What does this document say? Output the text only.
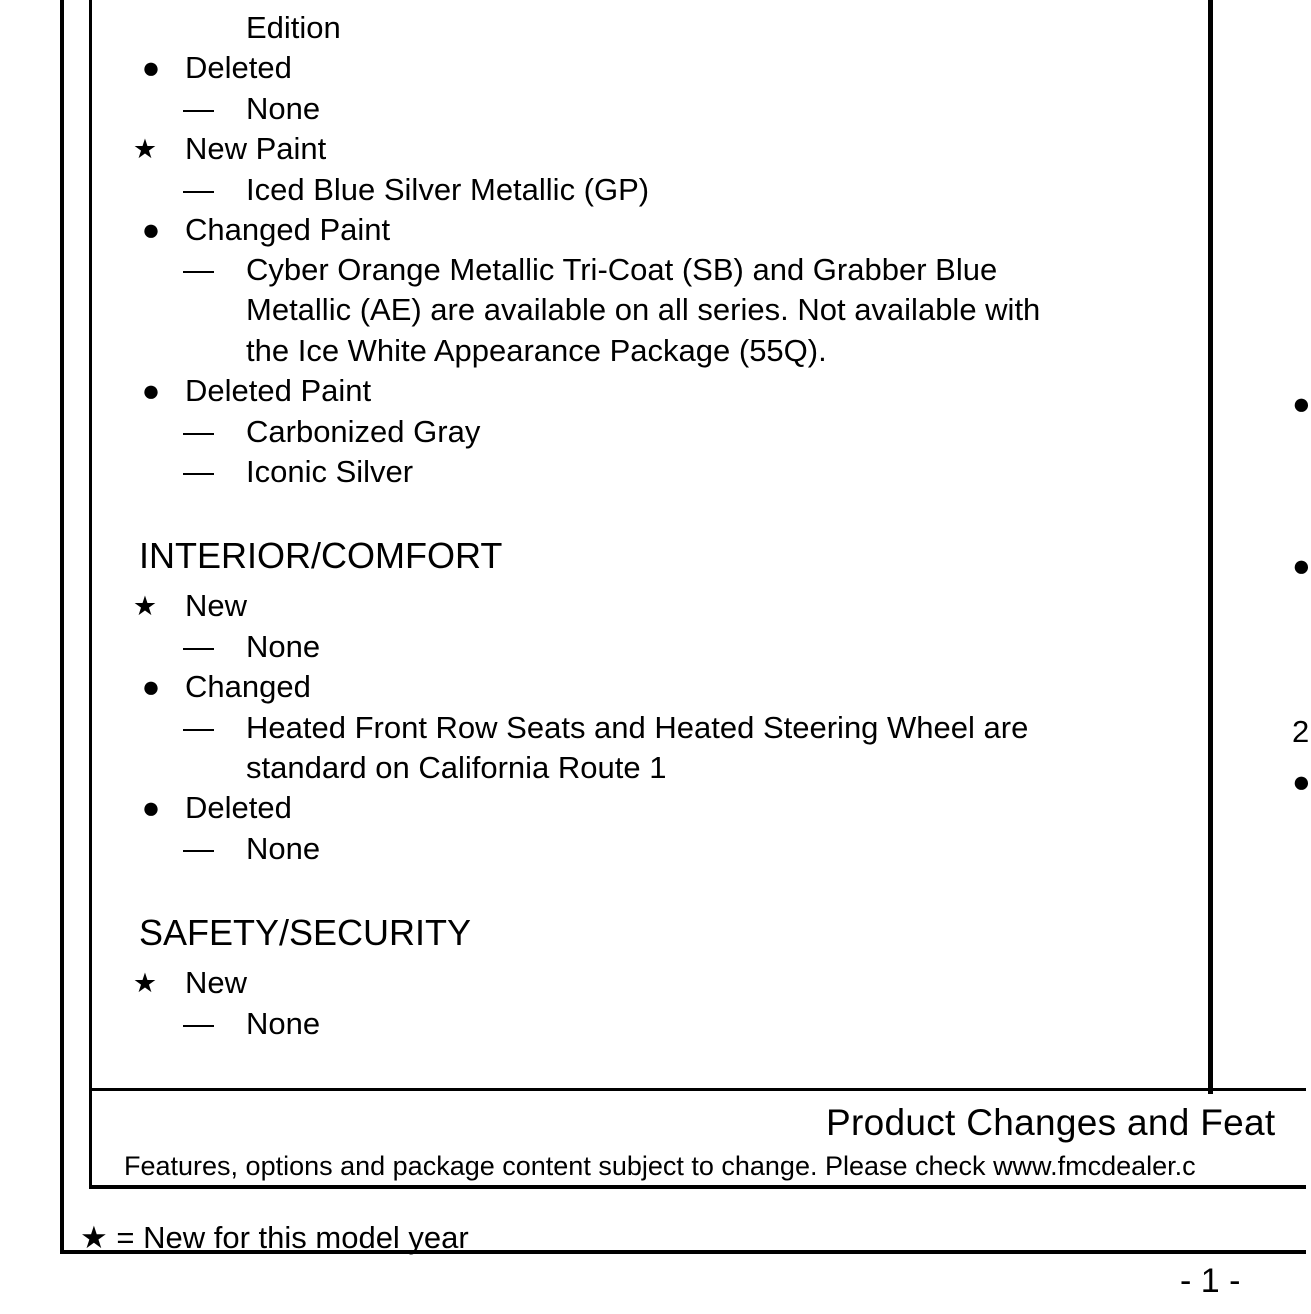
Edition
● Deleted
— None
★ New Paint
— Iced Blue Silver Metallic (GP)
● Changed Paint
— Cyber Orange Metallic Tri-Coat (SB) and Grabber Blue
Metallic (AE) are available on all series. Not available with
the Ice White Appearance Package (55Q).
● Deleted Paint
— Carbonized Gray
— Iconic Silver
INTERIOR/COMFORT
★ New
— None
● Changed
— Heated Front Row Seats and Heated Steering Wheel are
standard on California Route 1
● Deleted
— None
SAFETY/SECURITY
★ New
— None
●
●
2
●
Product Changes and Feat
Features, options and package content subject to change. Please check www.fmcdealer.c
★ = New for this model year
- 1 -
